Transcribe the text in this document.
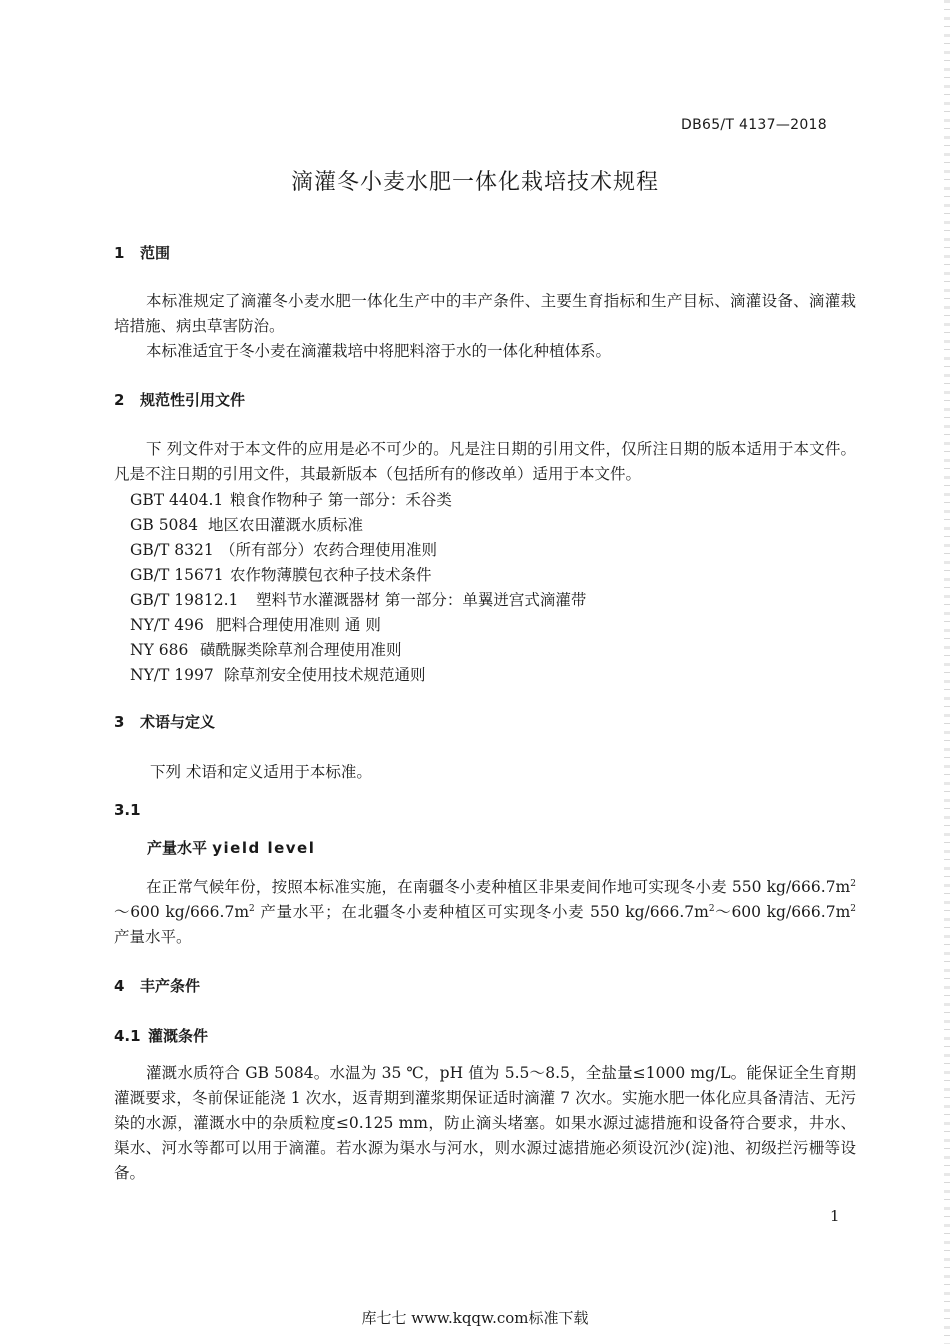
DB65/T 4137—2018
滴灌冬小麦水肥一体化栽培技术规程
1 范围
本标准规定了滴灌冬小麦水肥一体化生产中的丰产条件、主要生育指标和生产目标、滴灌设备、滴灌栽培措施、病虫草害防治。
本标准适宜于冬小麦在滴灌栽培中将肥料溶于水的一体化种植体系。
2 规范性引用文件
下 列文件对于本文件的应用是必不可少的。凡是注日期的引用文件，仅所注日期的版本适用于本文件。凡是不注日期的引用文件，其最新版本（包括所有的修改单）适用于本文件。
GBT 4404.1 粮食作物种子 第一部分：禾谷类
GB 5084 地区农田灌溉水质标准
GB/T 8321 （所有部分）农药合理使用准则
GB/T 15671 农作物薄膜包衣种子技术条件
GB/T 19812.1 塑料节水灌溉器材 第一部分：单翼迸宫式滴灌带
NY/T 496 肥料合理使用准则 通 则
NY 686 磺酰脲类除草剂合理使用准则
NY/T 1997 除草剂安全使用技术规范通则
3 术语与定义
下列 术语和定义适用于本标准。
3.1
产量水平 yield level
在正常气候年份，按照本标准实施，在南疆冬小麦种植区非果麦间作地可实现冬小麦 550 $kg/666.7m^2\sim 600$ $kg/666.7m^2$ 产量水平；在北疆冬小麦种植区可实现冬小麦 550 $kg/666.7m^2\sim 600$ $kg/666.7m^2$ 产量水平。
4 丰产条件
4.1 灌溉条件
灌溉水质符合 GB 5084。水温为 35 ℃，pH 值为 5.5～8.5，全盐量≤1000 mg/L。能保证全生育期灌溉要求，冬前保证能浇 1 次水，返青期到灌浆期保证适时滴灌 7 次水。实施水肥一体化应具备清洁、无污染的水源，灌溉水中的杂质粒度≤0.125 mm，防止滴头堵塞。如果水源过滤措施和设备符合要求，井水、渠水、河水等都可以用于滴灌。若水源为渠水与河水，则水源过滤措施必须设沉沙(淀)池、初级拦污栅等设备。
1
库七七 www.kqqw.com标准下载
